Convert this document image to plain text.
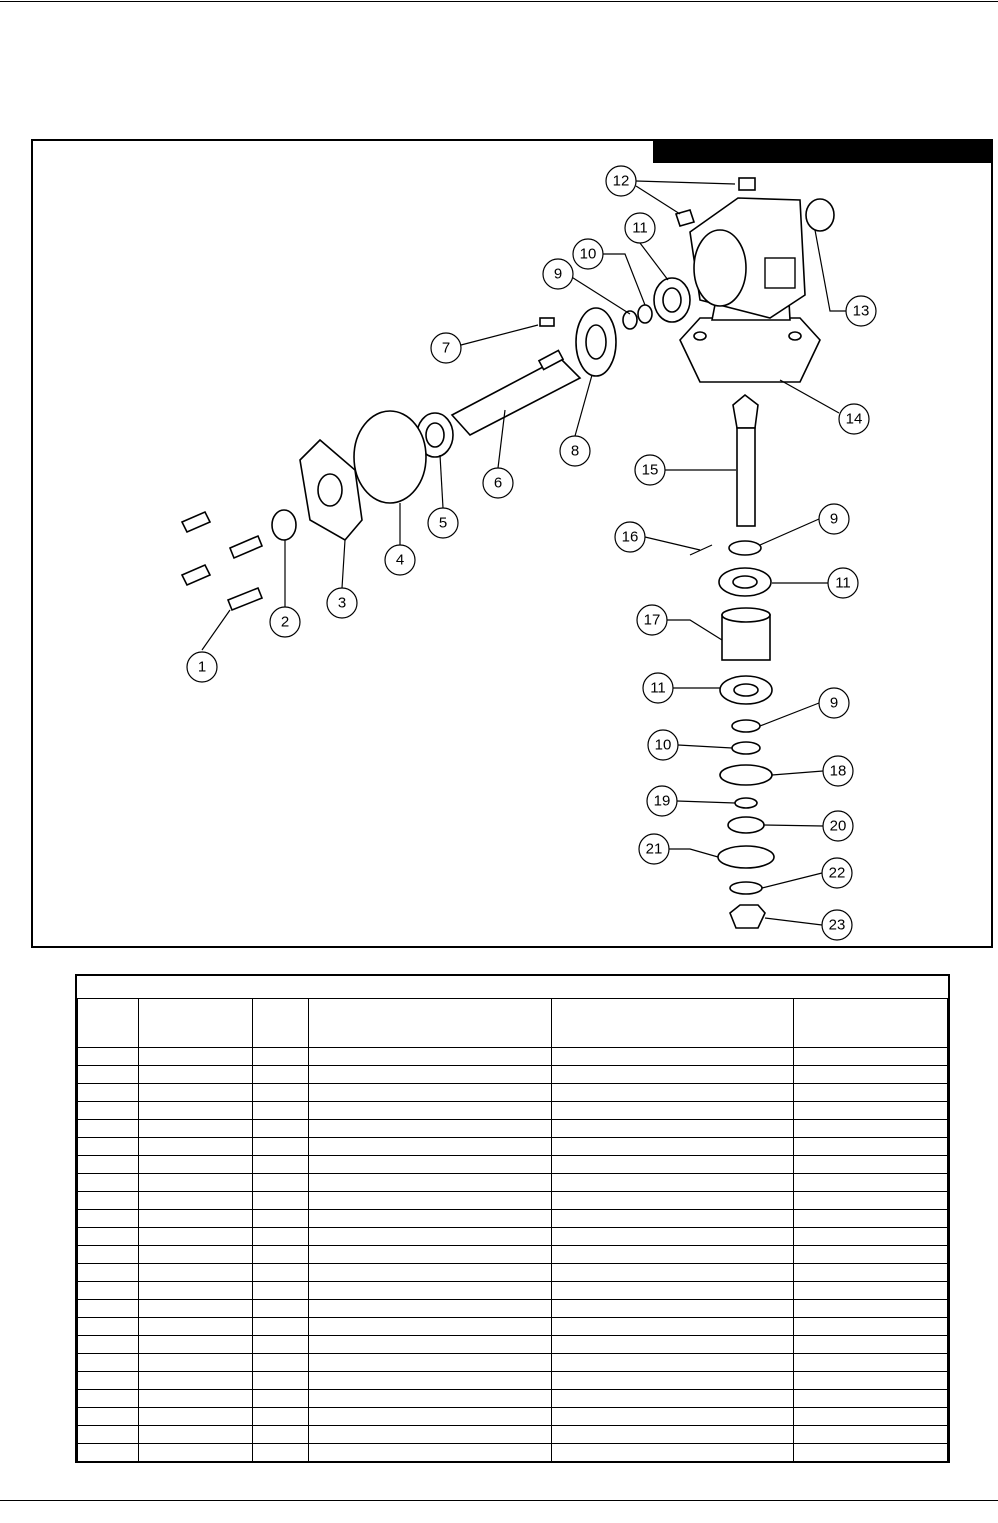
1
2
3
4
5
6
7
8
9
10
11
12
13
14
15
16
9
11
17
11
9
10
18
19
20
21
22
23
